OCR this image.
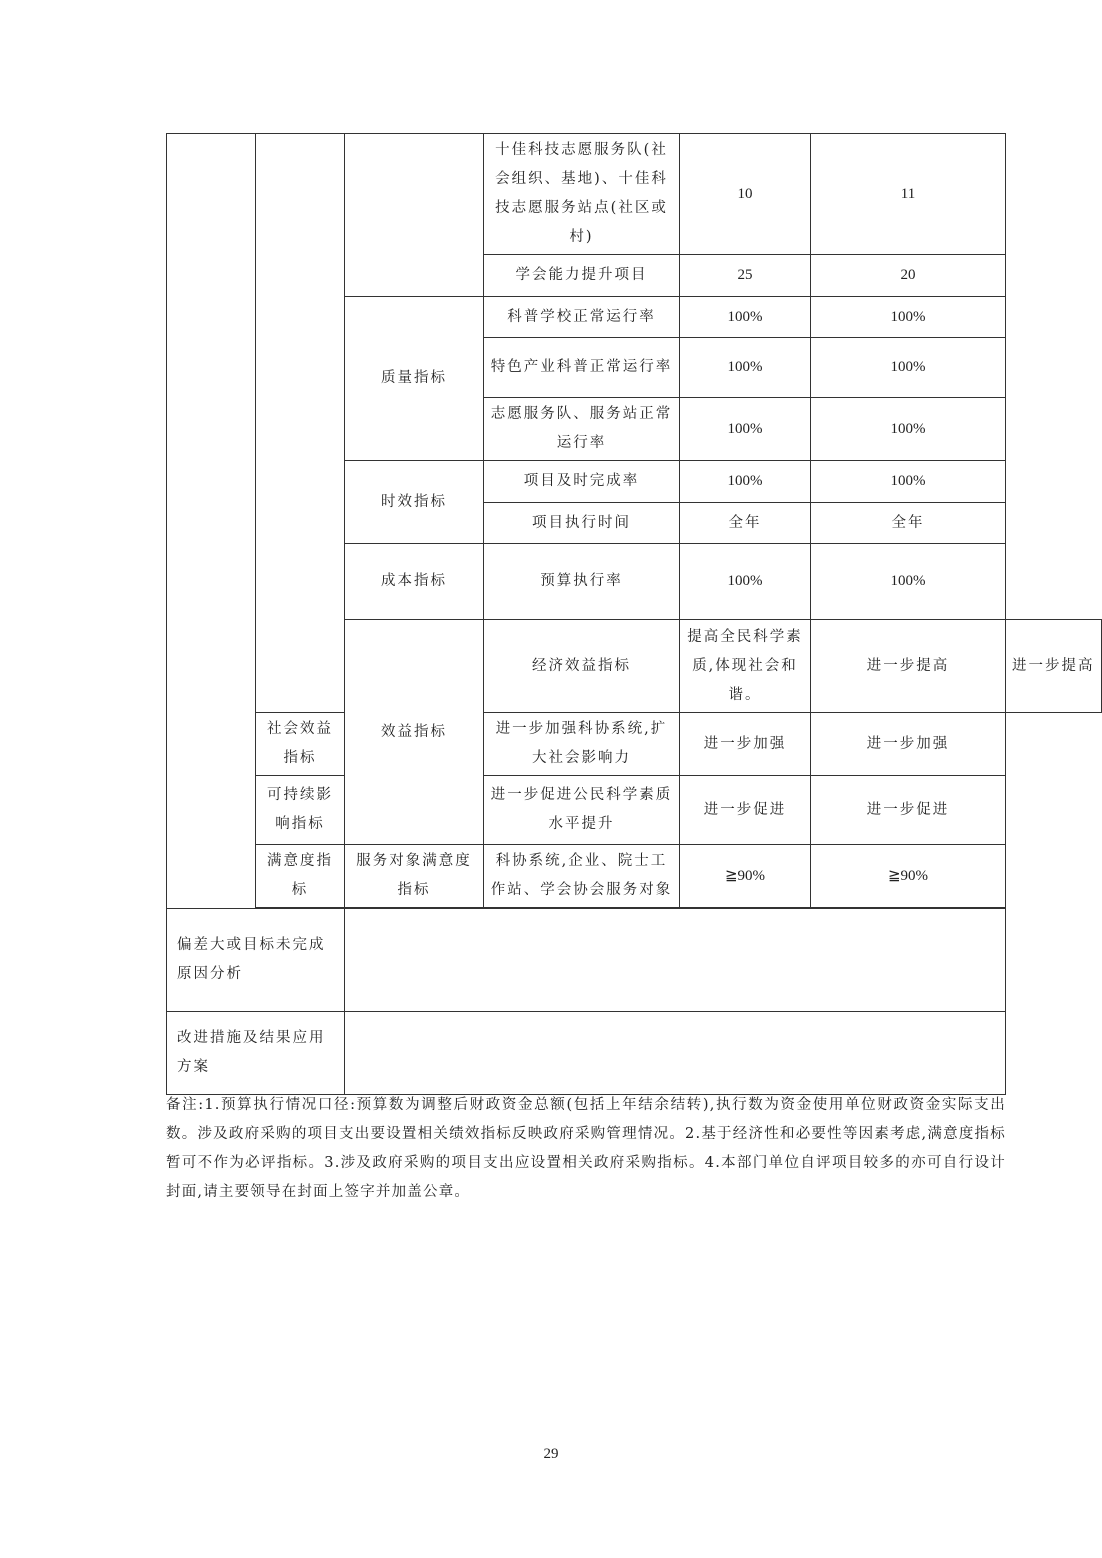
			十佳科技志愿服务队(社会组织、基地)、十佳科技志愿服务站点(社区或村)	10	11	
			学会能力提升项目	25	20	
		质量指标	科普学校正常运行率	100%	100%	
			特色产业科普正常运行率	100%	100%	
			志愿服务队、服务站正常运行率	100%	100%	
		时效指标	项目及时完成率	100%	100%	
			项目执行时间	全年	全年	
		成本指标	预算执行率	100%	100%	
		效益指标	经济效益指标	提高全民科学素质,体现社会和谐。	进一步提高	进一步提高
	社会效益指标		进一步加强科协系统,扩大社会影响力	进一步加强	进一步加强	
	可持续影响指标		进一步促进公民科学素质水平提升	进一步促进	进一步促进	
	满意度指标	服务对象满意度指标	科协系统,企业、院士工作站、学会协会服务对象	≧90%	≧90%	

偏差大或目标未完成原因分析						
改进措施及结果应用方案						

备注:1.预算执行情况口径:预算数为调整后财政资金总额(包括上年结余结转),执行数为资金使用单位财政资金实际支出数。涉及政府采购的项目支出要设置相关绩效指标反映政府采购管理情况。2.基于经济性和必要性等因素考虑,满意度指标暂可不作为必评指标。3.涉及政府采购的项目支出应设置相关政府采购指标。4.本部门单位自评项目较多的亦可自行设计封面,请主要领导在封面上签字并加盖公章。

29
